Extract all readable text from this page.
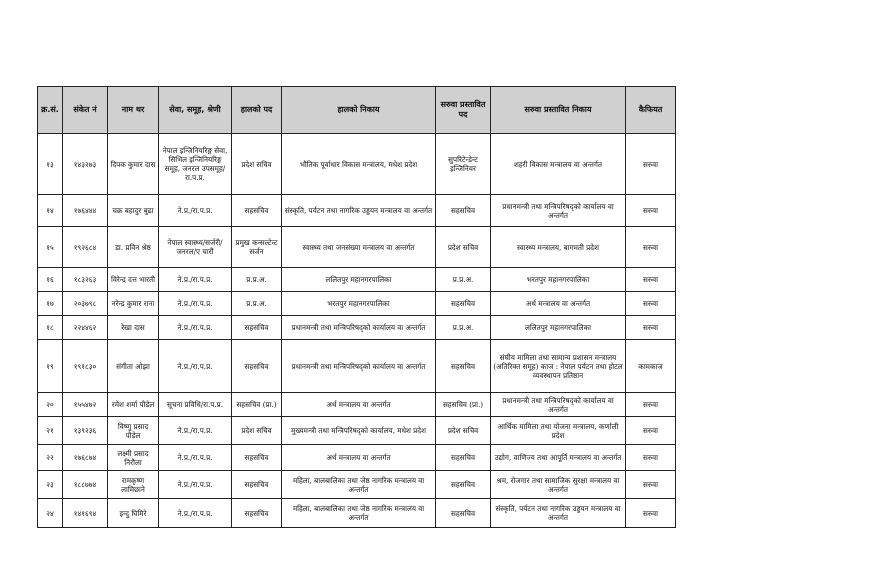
क्र.सं.	संकेत नं	नाम थर	सेवा, समूह, श्रेणी	हालको पद	हालको निकाय	सरुवा प्रस्तावित पद	सरुवा प्रस्तावित निकाय	कैफियत
१३	१४३२७३	दिपक कुमार दास	नेपाल इन्जिनियरिङ्ग सेवा, सिभिल इन्जिनियरिङ्ग समूह, जनरल उपसमूह/रा.प.प्र.	प्रदेश सचिव	भौतिक पूर्वाधार विकास मन्त्रालय, मधेश प्रदेश	सुपरिटेन्डेन्ट इन्जिनियर	शहरी विकास मन्त्रालय वा अन्तर्गत	सरुवा
१४	१७६४४४	चक्र बहादुर बुढा	ने.प्र./रा.प.प्र.	सहसचिव	संस्कृति, पर्यटन तथा नागरिक उड्डयन मन्त्रालय वा अन्तर्गत	सहसचिव	प्रधानमन्त्री तथा मन्त्रिपरिषद्को कार्यालय वा अन्तर्गत	सरुवा
१५	१९२६८४	डा. प्रविन श्रेष्ठ	नेपाल स्वास्थ्य/सर्जरी/जनरल/ए चारौं	प्रमुख कन्सल्टेन्ट सर्जन	स्वास्थ्य तथा जनसंख्या मन्त्रालय वा अन्तर्गत	प्रदेश सचिव	स्वास्थ्य मन्त्रालय, बागमती प्रदेश	सरुवा
१६	१८३२६३	विरेन्द्र दत्त भारती	ने.प्र./रा.प.प्र.	प्र.प्र.अ.	ललितपुर महानगरपालिका	प्र.प्र.अ.	भरतपुर महानगरपालिका	सरुवा
१७	२०३७९८	नरेन्द्र कुमार राना	ने.प्र./रा.प.प्र.	प्र.प्र.अ.	भरतपुर महानगरपालिका	सहसचिव	अर्थ मन्त्रालय वा अन्तर्गत	सरुवा
१८	२२४४६२	रेखा दास	ने.प्र./रा.प.प्र.	सहसचिव	प्रधानमन्त्री तथा मन्त्रिपरिषद्को कार्यालय वा अन्तर्गत	प्र.प्र.अ.	ललितपुर महानगरपालिका	सरुवा
१९	१९१८३०	संगीता ओझा	ने.प्र./रा.प.प्र.	सहसचिव	प्रधानमन्त्री तथा मन्त्रिपरिषद्को कार्यालय वा अन्तर्गत	सहसचिव	संघीय मामिला तथा सामान्य प्रशासन मन्त्रालय (अतिरिक्त समूह) काज : नेपाल पर्यटन तथा होटल व्यवस्थापन प्रतिष्ठान	कामकाज
२०	१५५४७२	रमेश शर्मा पौडेल	सूचना प्रविधि/रा.प.प्र.	सहसचिव (प्रा.)	अर्थ मन्त्रालय वा अन्तर्गत	सहसचिव (प्रा.)	प्रधानमन्त्री तथा मन्त्रिपरिषद्को कार्यालय वा अन्तर्गत	सरुवा
२१	१३९२३६	विष्णु प्रसाद पौडेल	ने.प्र./रा.प.प्र.	प्रदेश सचिव	मुख्यमन्त्री तथा मन्त्रिपरिषद्को कार्यालय, मधेश प्रदेश	प्रदेश सचिव	आर्थिक मामिला तथा योजना मन्त्रालय, कर्णाली प्रदेश	सरुवा
२२	१७६८७४	लक्ष्मी प्रसाद निरौला	ने.प्र./रा.प.प्र.	सहसचिव	अर्थ मन्त्रालय वा अन्तर्गत	सहसचिव	उद्योग, वाणिज्य तथा आपूर्ति मन्त्रालय वा अन्तर्गत	सरुवा
२३	१८८७७४	रामकृष्ण लामिछाने	ने.प्र./रा.प.प्र.	सहसचिव	महिला, बालबालिका तथा जेष्ठ नागरिक मन्त्रालय वा अन्तर्गत	सहसचिव	श्रम, रोजगार तथा सामाजिक सुरक्षा मन्त्रालय वा अन्तर्गत	सरुवा
२४	१४१६९४	इन्दु घिमिरे	ने.प्र./रा.प.प्र.	सहसचिव	महिला, बालबालिका तथा जेष्ठ नागरिक मन्त्रालय वा अन्तर्गत	सहसचिव	संस्कृति, पर्यटन तथा नागरिक उड्डयन मन्त्रालय वा अन्तर्गत	सरुवा
